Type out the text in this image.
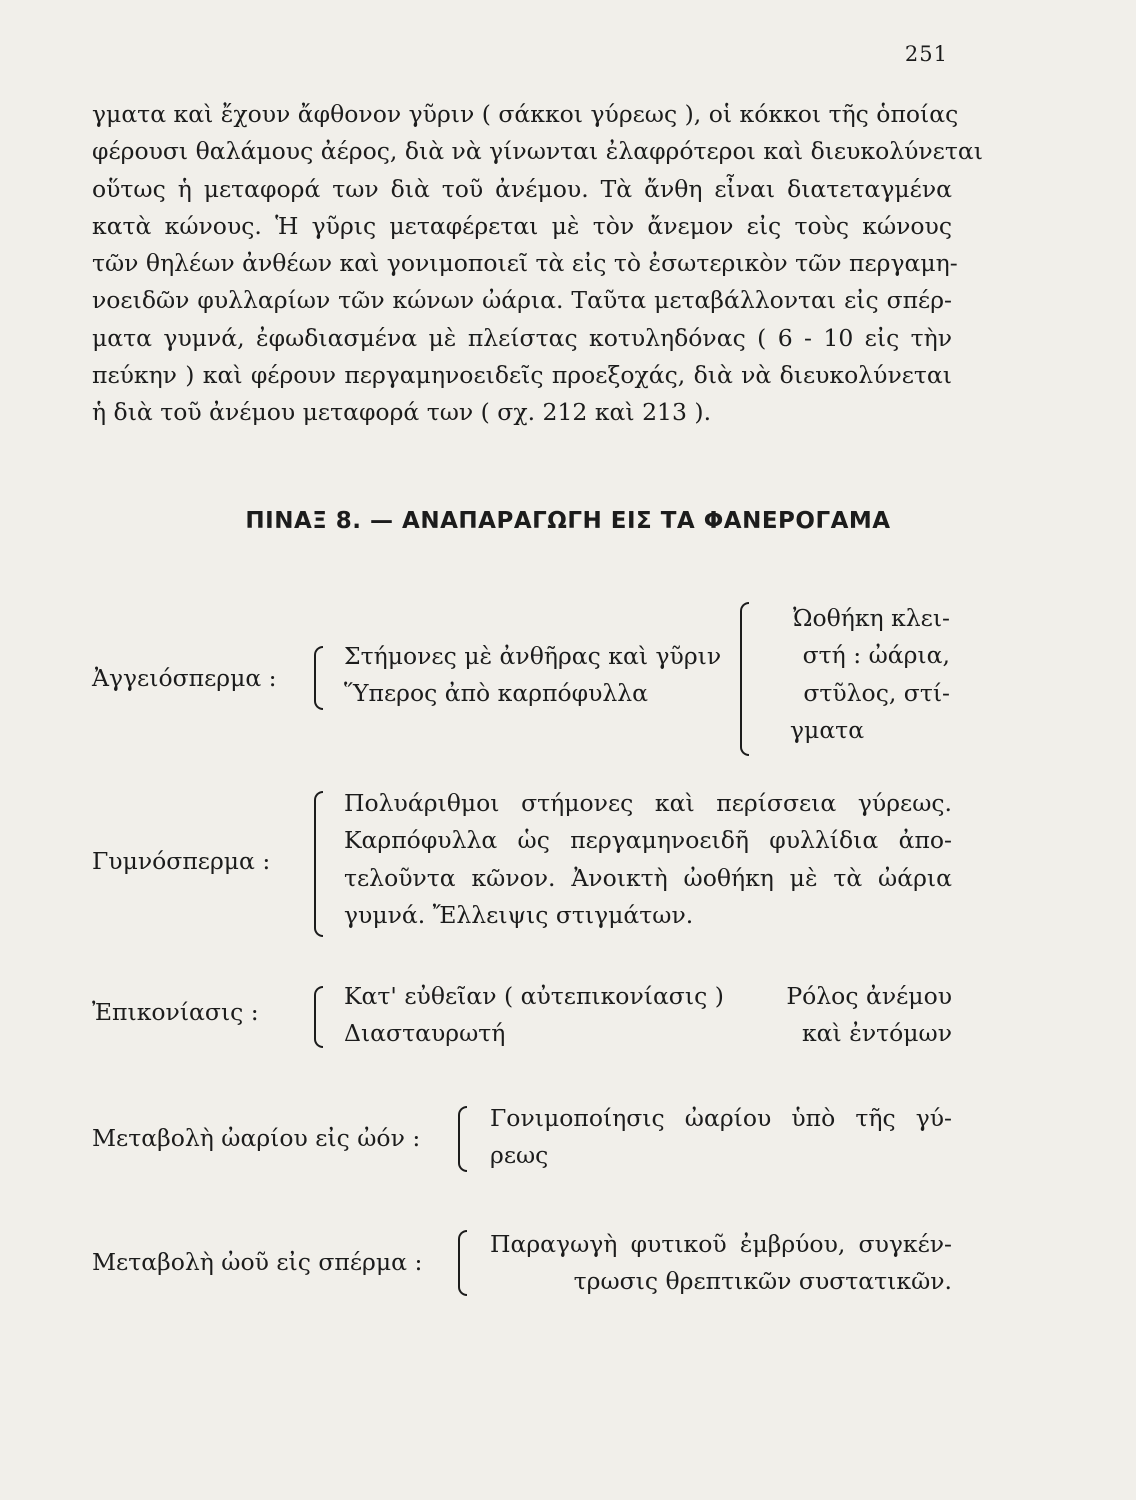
251
γματα καὶ ἔχουν ἄφθονον γῦριν ( σάκκοι γύρεως ), οἱ κόκκοι τῆς ὁποίας
φέρουσι θαλάμους ἀέρος, διὰ νὰ γίνωνται ἐλαφρότεροι καὶ διευκολύνεται
οὕτως ἡ μεταφορά των διὰ τοῦ ἀνέμου. Τὰ ἄνθη εἶναι διατεταγμένα
κατὰ κώνους. Ἡ γῦρις μεταφέρεται μὲ τὸν ἄνεμον εἰς τοὺς κώνους
τῶν θηλέων ἀνθέων καὶ γονιμοποιεῖ τὰ εἰς τὸ ἐσωτερικὸν τῶν περγαμη-
νοειδῶν φυλλαρίων τῶν κώνων ὠάρια. Ταῦτα μεταβάλλονται εἰς σπέρ-
ματα γυμνά, ἐφωδιασμένα μὲ πλείστας κοτυληδόνας ( 6 - 10 εἰς τὴν
πεύκην ) καὶ φέρουν περγαμηνοειδεῖς προεξοχάς, διὰ νὰ διευκολύνεται
ἡ διὰ τοῦ ἀνέμου μεταφορά των ( σχ. 212 καὶ 213 ).
ΠΙΝΑΞ 8. — ΑΝΑΠΑΡΑΓΩΓΗ ΕΙΣ ΤΑ ΦΑΝΕΡΟΓΑΜΑ
Ἀγγειόσπερμα :
Στήμονες μὲ ἀνθῆρας καὶ γῦριν
Ὕπερος ἀπὸ καρπόφυλλα
Ὠοθήκη κλει-
στή : ὠάρια,
στῦλος, στί-
γματα
Γυμνόσπερμα :
Πολυάριθμοι στήμονες καὶ περίσσεια γύρεως.
Καρπόφυλλα ὡς περγαμηνοειδῆ φυλλίδια ἀπο-
τελοῦντα κῶνον. Ἀνοικτὴ ὠοθήκη μὲ τὰ ὠάρια
γυμνά. Ἔλλειψις στιγμάτων.
Ἐπικονίασις :
Κατ' εὐθεῖαν ( αὐτεπικονίασις )
Διασταυρωτή
Ρόλος ἀνέμου
καὶ ἐντόμων
Μεταβολὴ ὠαρίου εἰς ὠόν :
Γονιμοποίησις ὠαρίου ὑπὸ τῆς γύ-
ρεως
Μεταβολὴ ὠοῦ εἰς σπέρμα :
Παραγωγὴ φυτικοῦ ἐμβρύου, συγκέν-
τρωσις θρεπτικῶν συστατικῶν.
